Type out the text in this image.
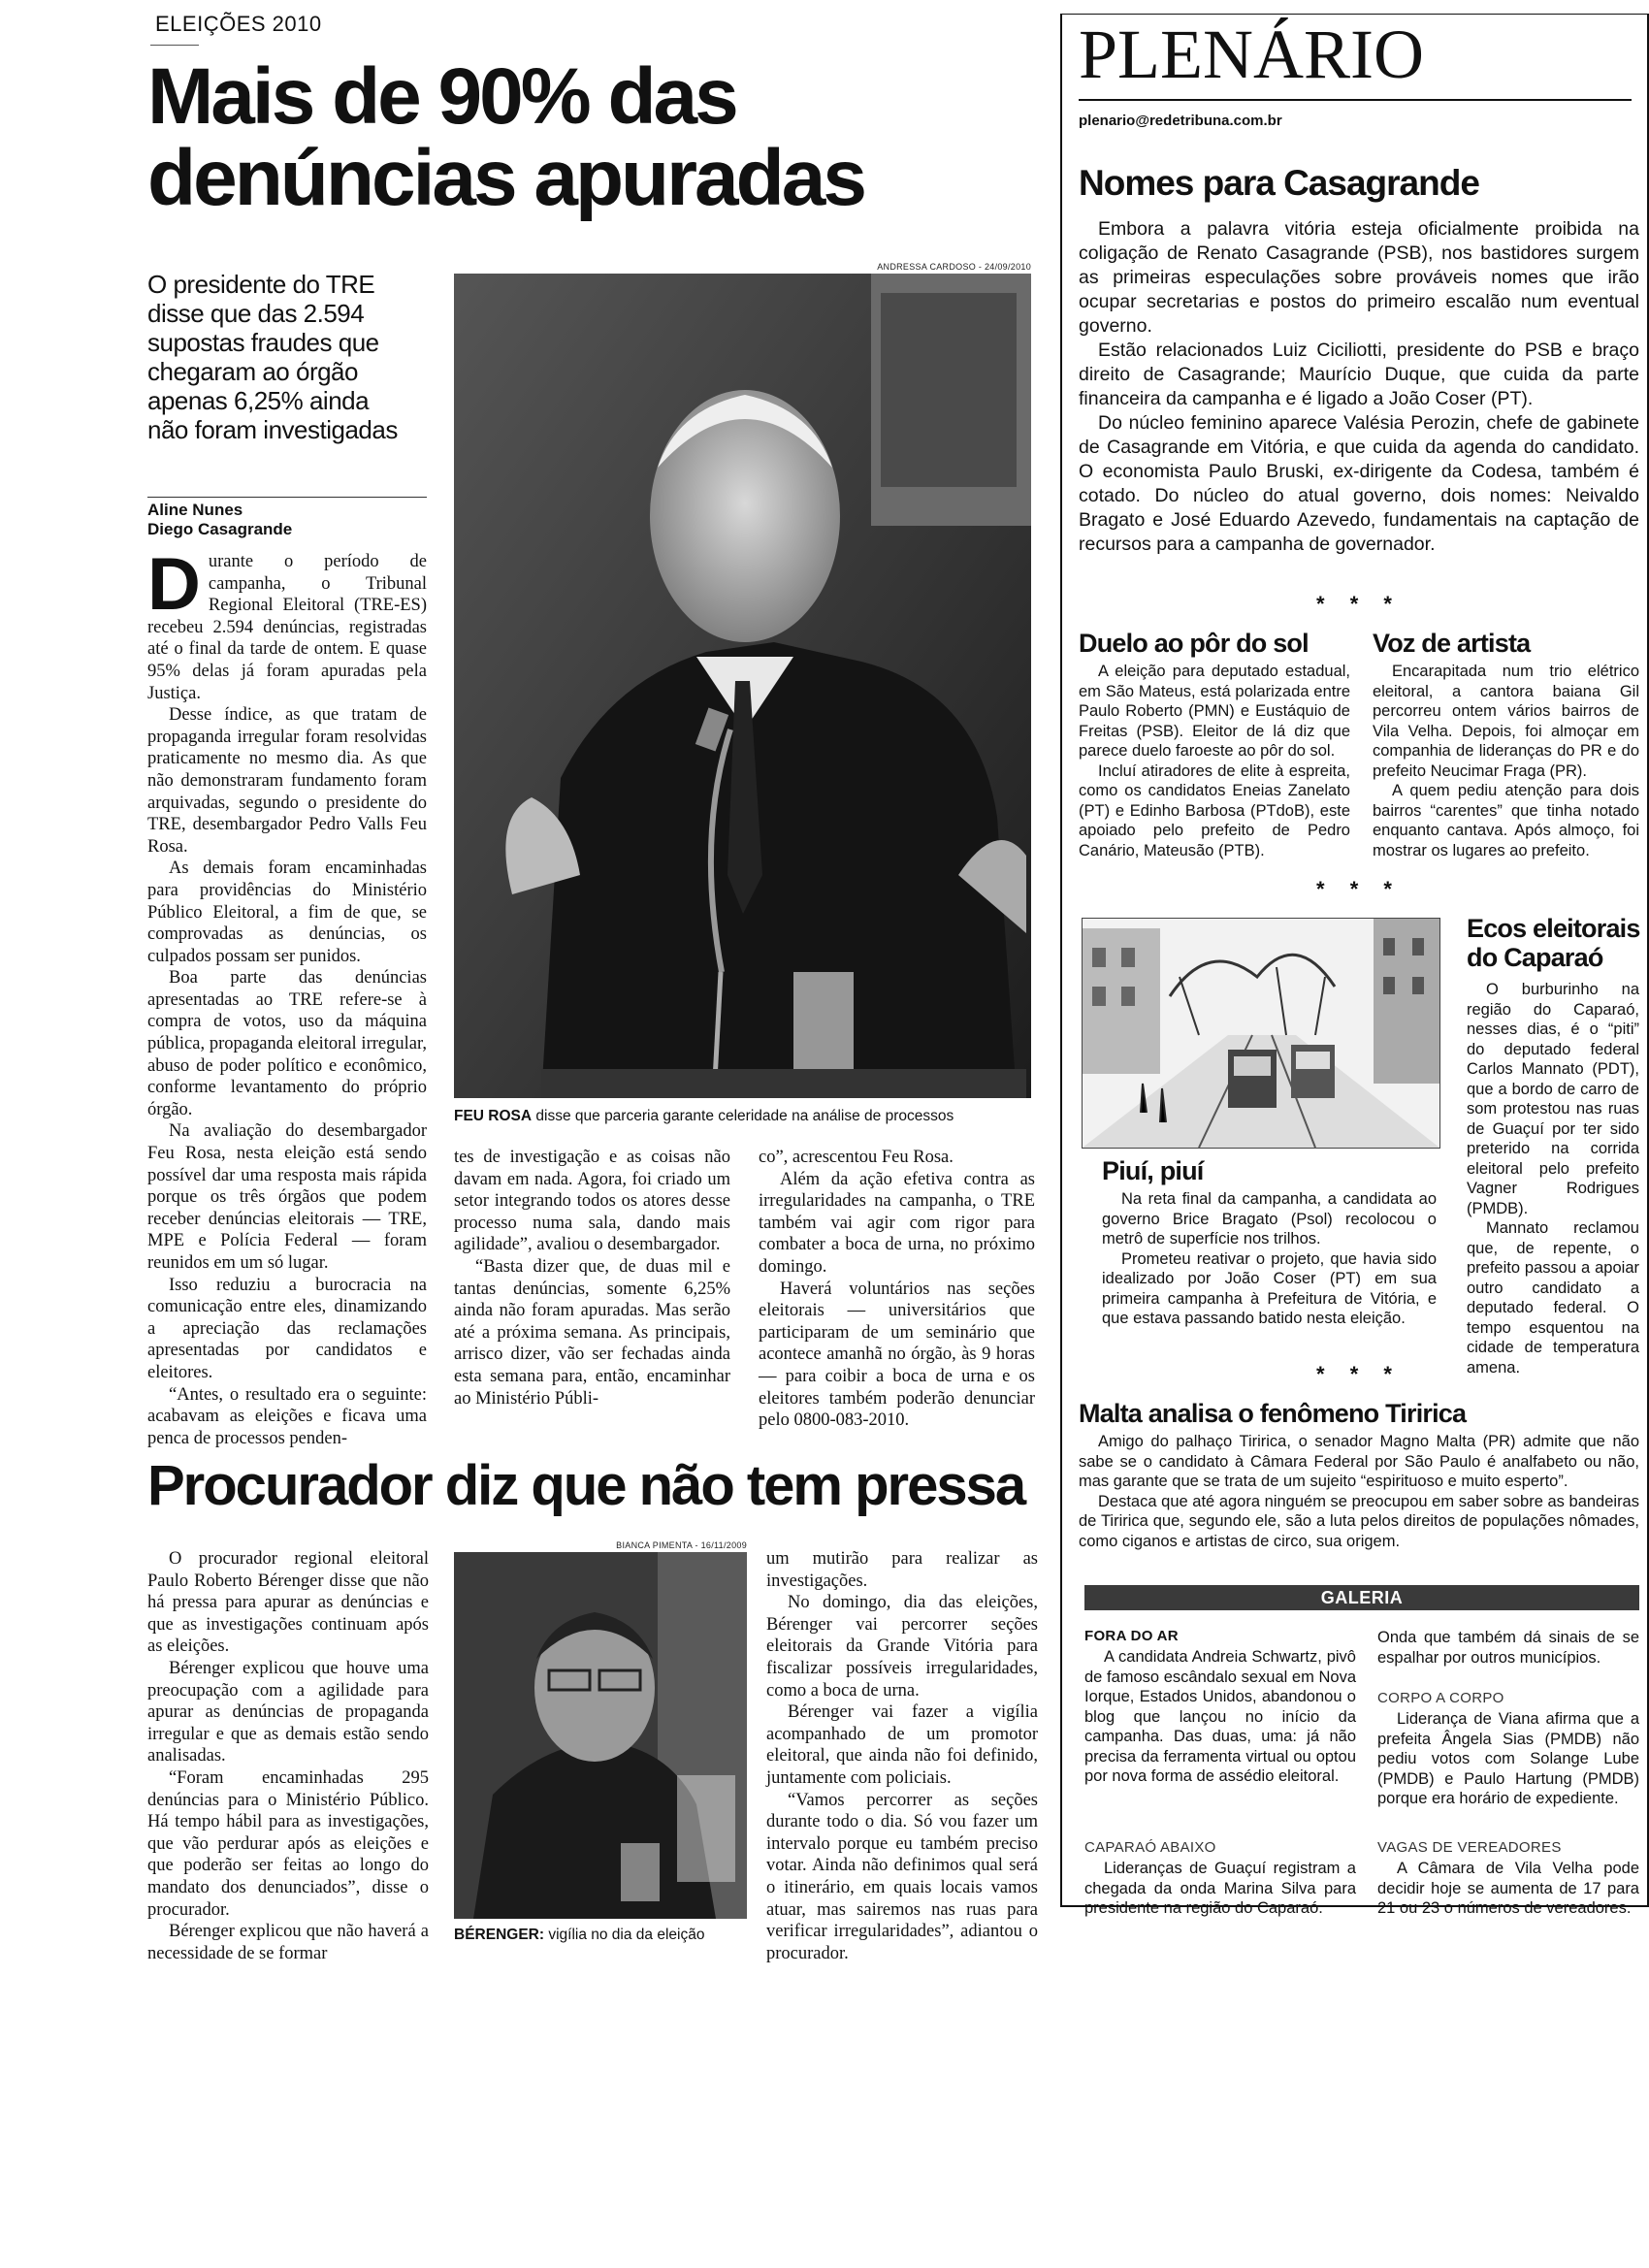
ELEIÇÕES 2010
Mais de 90% das
denúncias apuradas
O presidente do TRE
disse que das 2.594
supostas fraudes que
chegaram ao órgão
apenas 6,25% ainda
não foram investigadas
Aline Nunes
Diego Casagrande
ANDRESSA CARDOSO - 24/09/2010
FEU ROSA disse que parceria garante celeridade na análise de processos

Durante o período de campanha, o Tribunal Regional Eleitoral (TRE-ES) recebeu 2.594 denúncias, registradas até o final da tarde de ontem. E quase 95% delas já foram apuradas pela Justiça.

Desse índice, as que tratam de propaganda irregular foram resolvidas praticamente no mesmo dia. As que não demonstraram fundamento foram arquivadas, segundo o presidente do TRE, desembargador Pedro Valls Feu Rosa.

As demais foram encaminhadas para providências do Ministério Público Eleitoral, a fim de que, se comprovadas as denúncias, os culpados possam ser punidos.

Boa parte das denúncias apresentadas ao TRE refere-se à compra de votos, uso da máquina pública, propaganda eleitoral irregular, abuso de poder político e econômico, conforme levantamento do próprio órgão.

Na avaliação do desembargador Feu Rosa, nesta eleição está sendo possível dar uma resposta mais rápida porque os três órgãos que podem receber denúncias eleitorais — TRE, MPE e Polícia Federal — foram reunidos em um só lugar.

Isso reduziu a burocracia na comunicação entre eles, dinamizando a apreciação das reclamações apresentadas por candidatos e eleitores.

“Antes, o resultado era o seguinte: acabavam as eleições e ficava uma penca de processos penden-

tes de investigação e as coisas não davam em nada. Agora, foi criado um setor integrando todos os atores desse processo numa sala, dando mais agilidade”, avaliou o desembargador.

“Basta dizer que, de duas mil e tantas denúncias, somente 6,25% ainda não foram apuradas. Mas serão até a próxima semana. As principais, arrisco dizer, vão ser fechadas ainda esta semana para, então, encaminhar ao Ministério Públi-

co”, acrescentou Feu Rosa.

Além da ação efetiva contra as irregularidades na campanha, o TRE também vai agir com rigor para combater a boca de urna, no próximo domingo.

Haverá voluntários nas seções eleitorais — universitários que participaram de um seminário que acontece amanhã no órgão, às 9 horas — para coibir a boca de urna e os eleitores também poderão denunciar pelo 0800-083-2010.

Procurador diz que não tem pressa

O procurador regional eleitoral Paulo Roberto Bérenger disse que não há pressa para apurar as denúncias e que as investigações continuam após as eleições.

Bérenger explicou que houve uma preocupação com a agilidade para apurar as denúncias de propaganda irregular e que as demais estão sendo analisadas.

“Foram encaminhadas 295 denúncias para o Ministério Público. Há tempo hábil para as investigações, que vão perdurar após as eleições e que poderão ser feitas ao longo do mandato dos denunciados”, disse o procurador.

Bérenger explicou que não haverá a necessidade de se formar

BIANCA PIMENTA - 16/11/2009
BÉRENGER: vigília no dia da eleição

um mutirão para realizar as investigações.

No domingo, dia das eleições, Bérenger vai percorrer seções eleitorais da Grande Vitória para fiscalizar possíveis irregularidades, como a boca de urna.

Bérenger vai fazer a vigília acompanhado de um promotor eleitoral, que ainda não foi definido, juntamente com policiais.

“Vamos percorrer as seções durante todo o dia. Só vou fazer um intervalo porque eu também preciso votar. Ainda não definimos qual será o itinerário, em quais locais vamos atuar, mas sairemos nas ruas para verificar irregularidades”, adiantou o procurador.

PLENÁRIO
plenario@redetribuna.com.br
Nomes para Casagrande

Embora a palavra vitória esteja oficialmente proibida na coligação de Renato Casagrande (PSB), nos bastidores surgem as primeiras especulações sobre prováveis nomes que irão ocupar secretarias e postos do primeiro escalão num eventual governo.

Estão relacionados Luiz Ciciliotti, presidente do PSB e braço direito de Casagrande; Maurício Duque, que cuida da parte financeira da campanha e é ligado a João Coser (PT).

Do núcleo feminino aparece Valésia Perozin, chefe de gabinete de Casagrande em Vitória, e que cuida da agenda do candidato. O economista Paulo Bruski, ex-dirigente da Codesa, também é cotado. Do núcleo do atual governo, dois nomes: Neivaldo Bragato e José Eduardo Azevedo, fundamentais na captação de recursos para a campanha de governador.

* * *
Duelo ao pôr do sol

A eleição para deputado estadual, em São Mateus, está polarizada entre Paulo Roberto (PMN) e Eustáquio de Freitas (PSB). Eleitor de lá diz que parece duelo faroeste ao pôr do sol.

Incluí atiradores de elite à espreita, como os candidatos Eneias Zanelato (PT) e Edinho Barbosa (PTdoB), este apoiado pelo prefeito de Pedro Canário, Mateusão (PTB).

Voz de artista

Encarapitada num trio elétrico eleitoral, a cantora baiana Gil percorreu ontem vários bairros de Vila Velha. Depois, foi almoçar em companhia de lideranças do PR e do prefeito Neucimar Fraga (PR).

A quem pediu atenção para dois bairros “carentes” que tinha notado enquanto cantava. Após almoço, foi mostrar os lugares ao prefeito.

* * *
Ecos eleitorais
do Caparaó

O burburinho na região do Caparaó, nesses dias, é o “piti” do deputado federal Carlos Mannato (PDT), que a bordo de carro de som protestou nas ruas de Guaçuí por ter sido preterido na corrida eleitoral pelo prefeito Vagner Rodrigues (PMDB).

Mannato reclamou que, de repente, o prefeito passou a apoiar outro candidato a deputado federal. O tempo esquentou na cidade de temperatura amena.

Piuí, piuí

Na reta final da campanha, a candidata ao governo Brice Bragato (Psol) recolocou o metrô de superfície nos trilhos.

Prometeu reativar o projeto, que havia sido idealizado por João Coser (PT) em sua primeira campanha à Prefeitura de Vitória, e que estava passando batido nesta eleição.

* * *
Malta analisa o fenômeno Tiririca

Amigo do palhaço Tiririca, o senador Magno Malta (PR) admite que não sabe se o candidato à Câmara Federal por São Paulo é analfabeto ou não, mas garante que se trata de um sujeito “espirituoso e muito esperto”.

Destaca que até agora ninguém se preocupou em saber sobre as bandeiras de Tiririca que, segundo ele, são a luta pelos direitos de populações nômades, como ciganos e artistas de circo, sua origem.

GALERIA
FORA DO AR

A candidata Andreia Schwartz, pivô de famoso escândalo sexual em Nova Iorque, Estados Unidos, abandonou o blog que lançou no início da campanha. Das duas, uma: já não precisa da ferramenta virtual ou optou por nova forma de assédio eleitoral.

CAPARAÓ ABAIXO

Lideranças de Guaçuí registram a chegada da onda Marina Silva para presidente na região do Caparaó.

Onda que também dá sinais de se espalhar por outros municípios.

CORPO A CORPO

Liderança de Viana afirma que a prefeita Ângela Sias (PMDB) não pediu votos com Solange Lube (PMDB) e Paulo Hartung (PMDB) porque era horário de expediente.

VAGAS DE VEREADORES

A Câmara de Vila Velha pode decidir hoje se aumenta de 17 para 21 ou 23 o números de vereadores.
